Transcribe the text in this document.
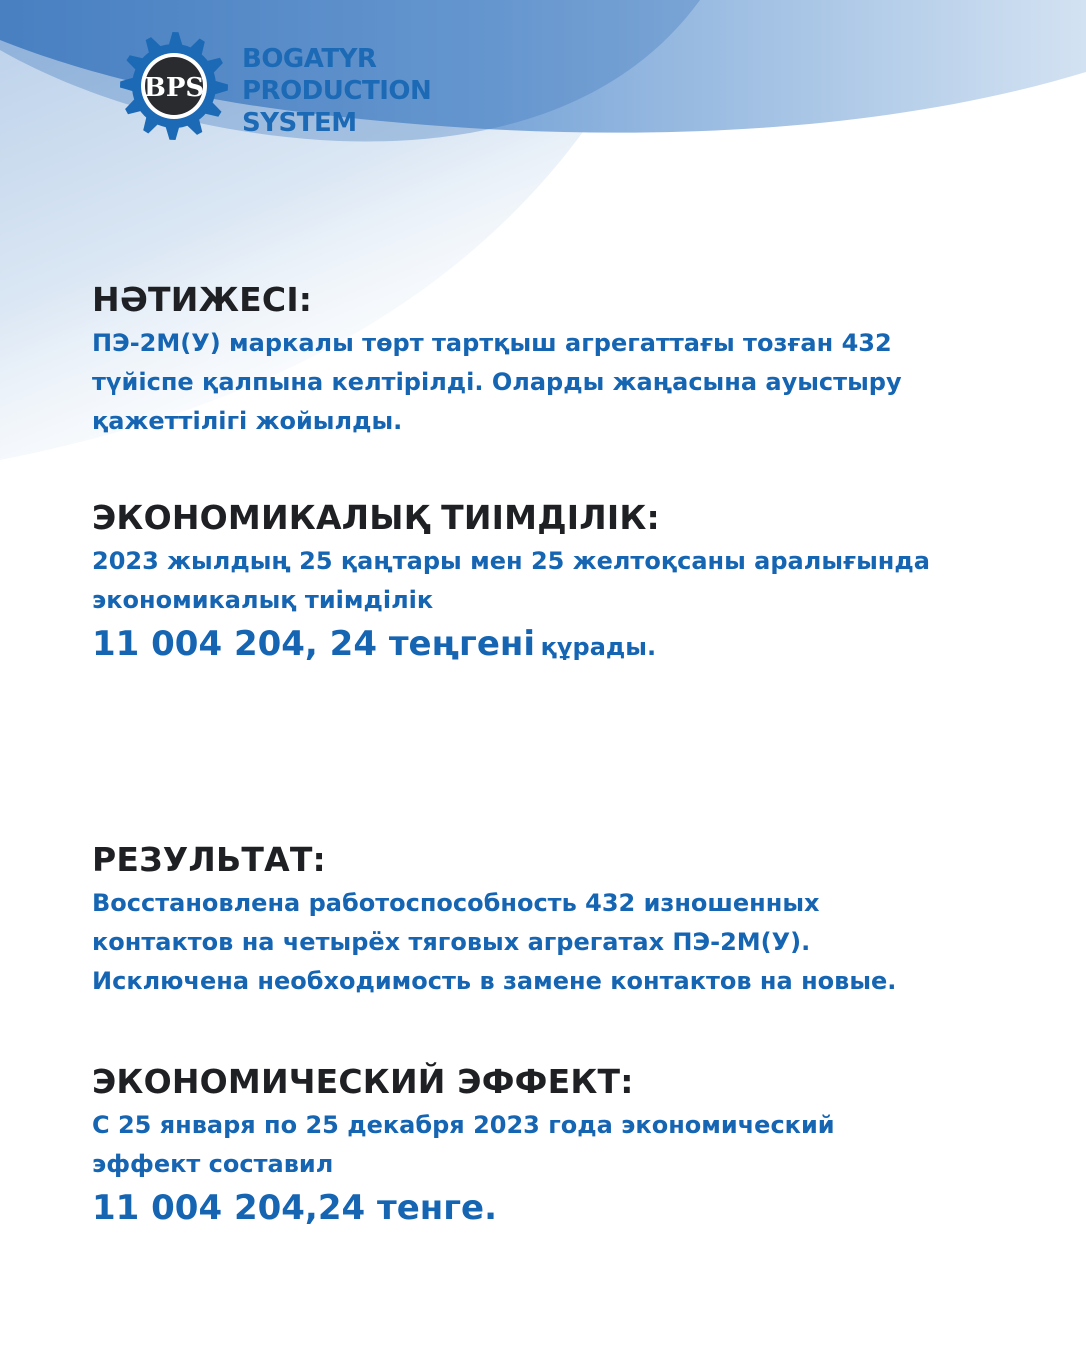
BPS
BOGATYR
PRODUCTION
SYSTEM
НӘТИЖЕСІ:
ПЭ-2М(У) маркалы төрт тартқыш агрегаттағы тозған 432
түйіспе қалпына келтірілді. Оларды жаңасына ауыстыру
қажеттілігі жойылды.
ЭКОНОМИКАЛЫҚ ТИІМДІЛІК:
2023 жылдың 25 қаңтары мен 25 желтоқсаны аралығында
экономикалық тиімділік
11 004 204, 24 теңгені құрады.
РЕЗУЛЬТАТ:
Восстановлена работоспособность 432 изношенных
контактов на четырёх тяговых агрегатах ПЭ-2М(У).
Исключена необходимость в замене контактов на новые.
ЭКОНОМИЧЕСКИЙ ЭФФЕКТ:
С 25 января по 25 декабря 2023 года экономический
эффект составил
11 004 204,24 тенге.
